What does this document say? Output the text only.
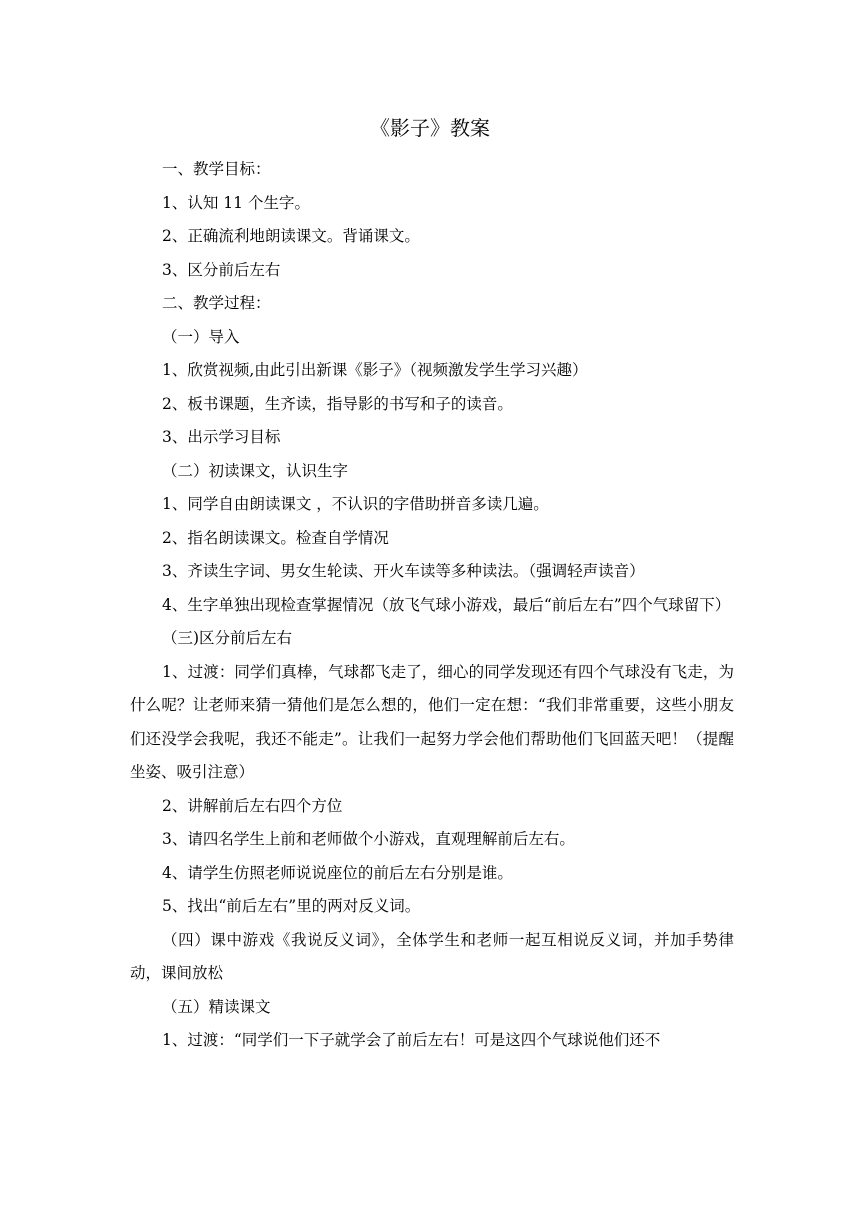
《影子》教案

一、教学目标：

1、认知 11 个生字。

2、正确流利地朗读课文。背诵课文。

3、区分前后左右

二、教学过程：

（一）导入

1、欣赏视频,由此引出新课《影子》（视频激发学生学习兴趣）

2、板书课题，生齐读，指导影的书写和子的读音。

3、出示学习目标

（二）初读课文，认识生字

1、同学自由朗读课文 ，不认识的字借助拼音多读几遍。

2、指名朗读课文。检查自学情况

3、齐读生字词、男女生轮读、开火车读等多种读法。（强调轻声读音）

4、生字单独出现检查掌握情况（放飞气球小游戏，最后“前后左右”四个气球留下）

（三)区分前后左右

1、过渡：同学们真棒，气球都飞走了，细心的同学发现还有四个气球没有飞走，为什么呢？让老师来猜一猜他们是怎么想的，他们一定在想：“我们非常重要，这些小朋友们还没学会我呢，我还不能走”。让我们一起努力学会他们帮助他们飞回蓝天吧！（提醒坐姿、吸引注意）

2、讲解前后左右四个方位

3、请四名学生上前和老师做个小游戏，直观理解前后左右。

4、请学生仿照老师说说座位的前后左右分别是谁。

5、找出“前后左右”里的两对反义词。

（四）课中游戏《我说反义词》，全体学生和老师一起互相说反义词，并加手势律动，课间放松

（五）精读课文

1、过渡：“同学们一下子就学会了前后左右！可是这四个气球说他们还不
